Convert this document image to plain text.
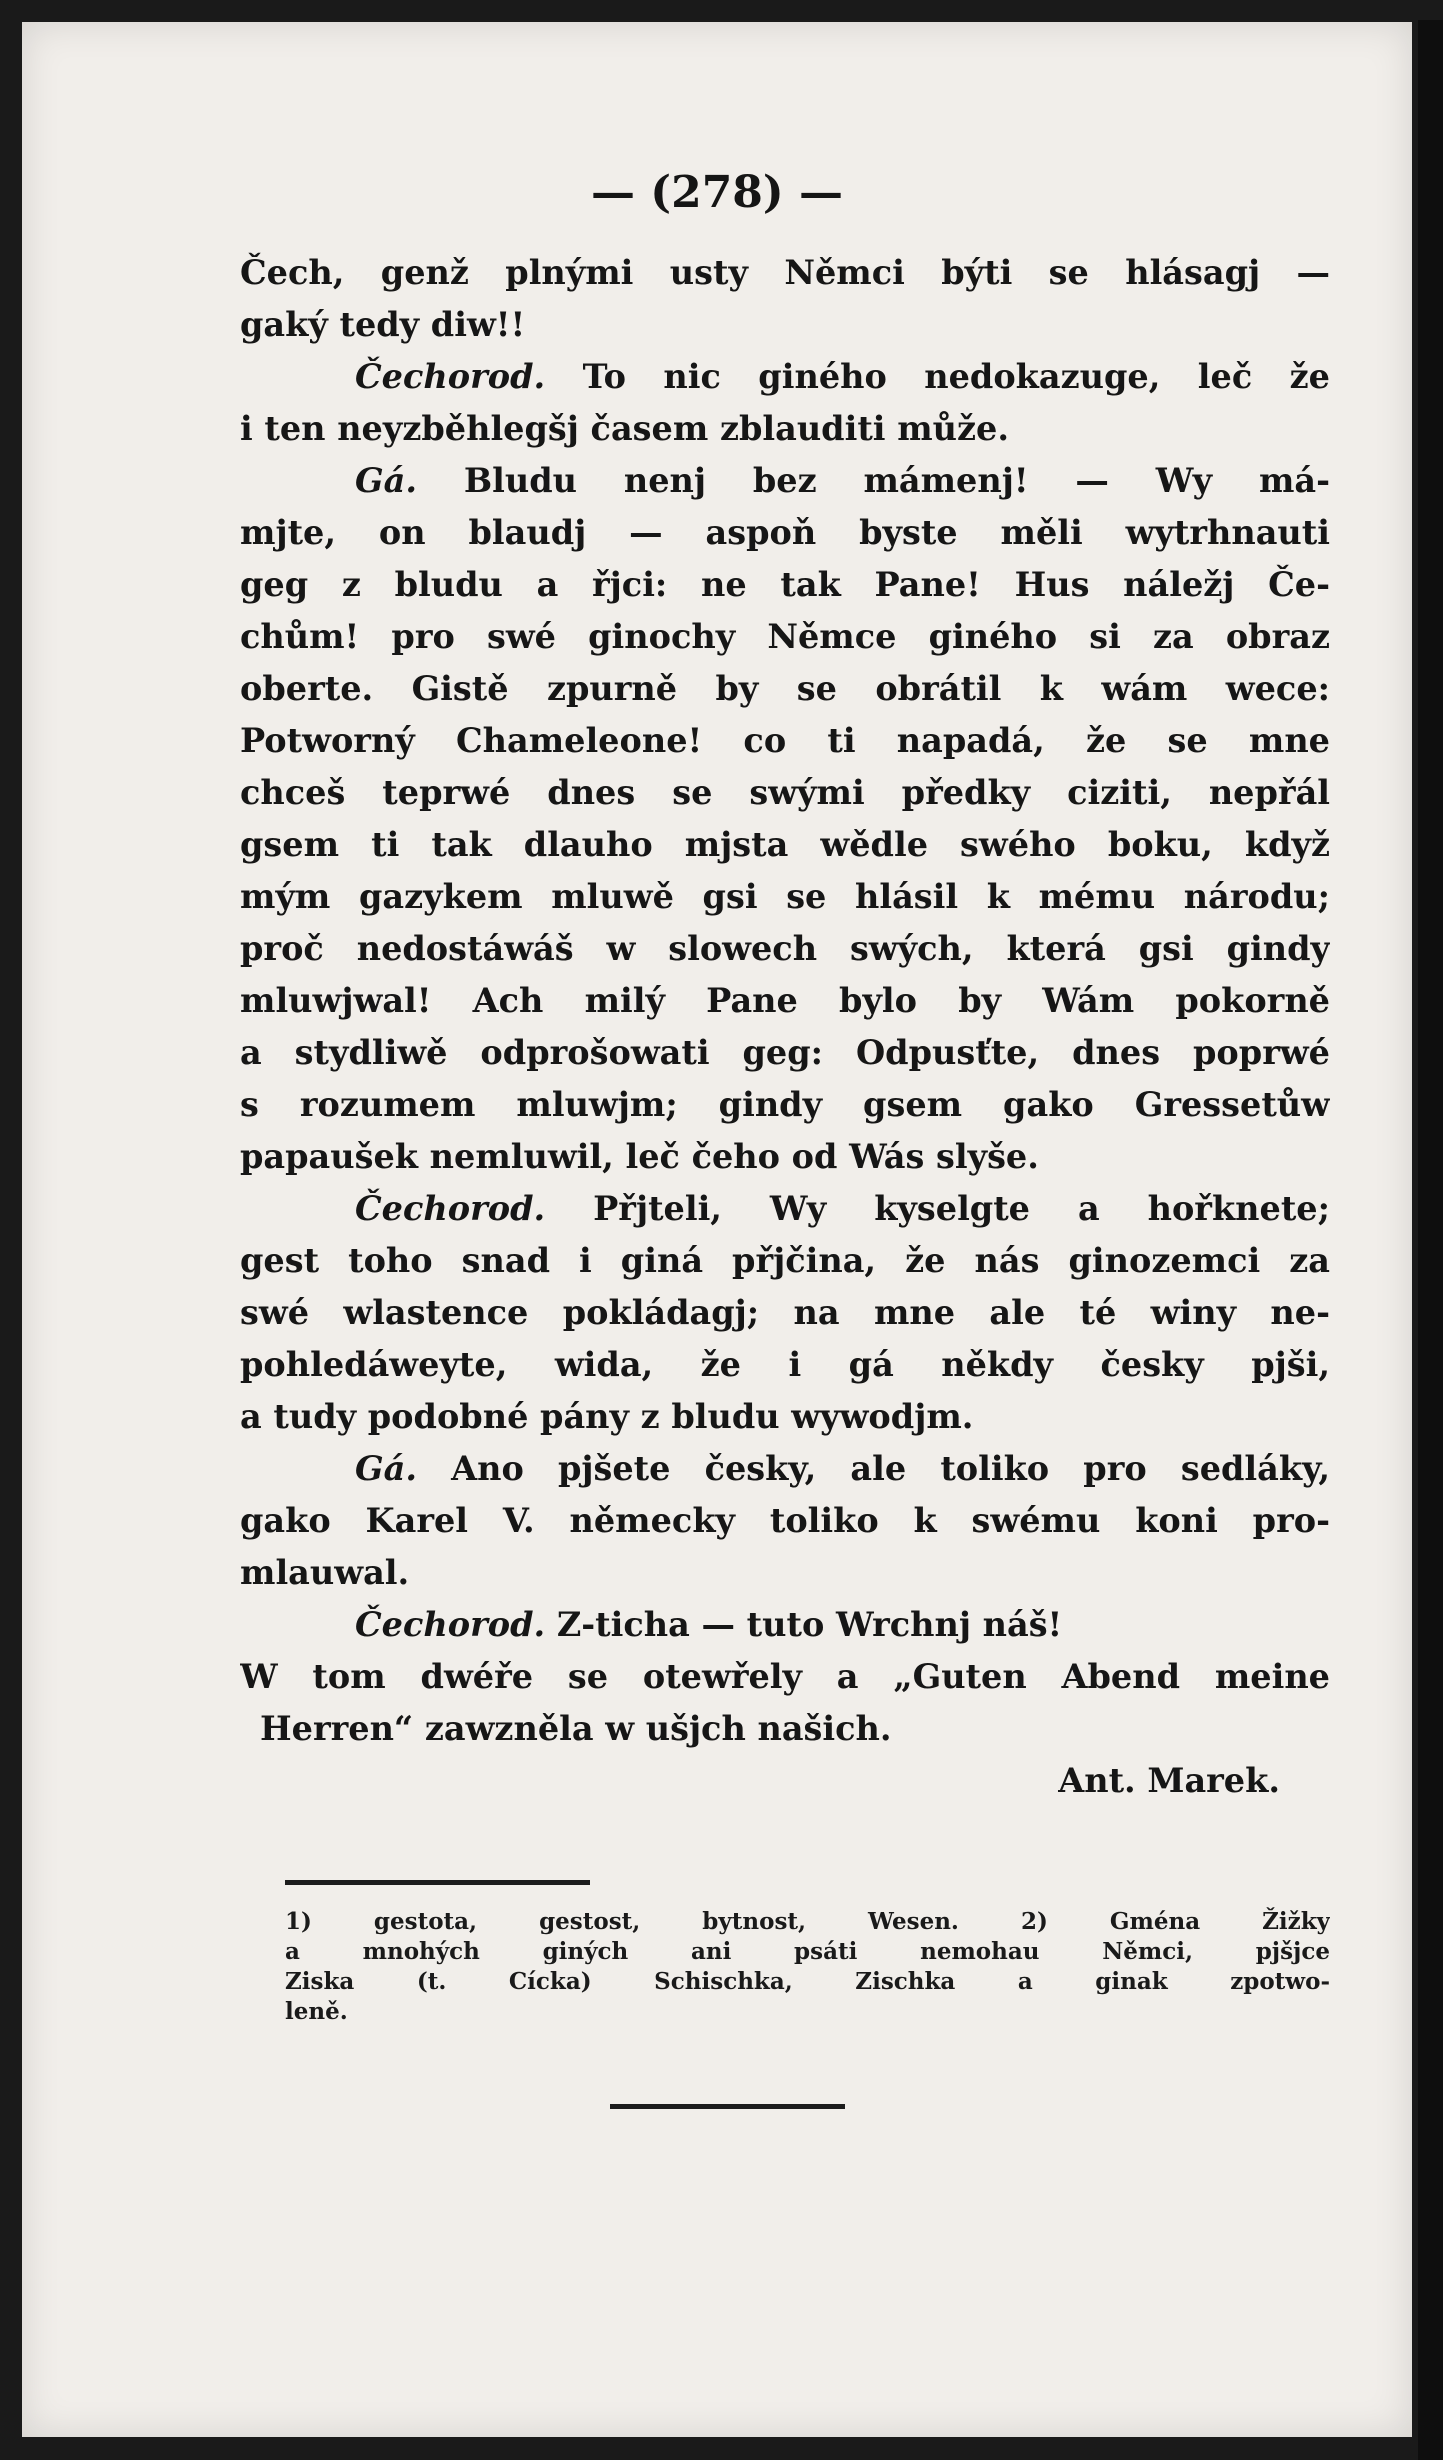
— (278) —
Čech, genž plnými usty Němci býti se hlásagj —
gaký tedy diw!!
Čechorod. To nic giného nedokazuge, leč že
i ten neyzběhlegšj časem zblauditi může.
Gá. Bludu nenj bez mámenj! — Wy má-
mjte, on blaudj — aspoň byste měli wytrhnauti
geg z bludu a řjci: ne tak Pane! Hus náležj Če-
chům! pro swé ginochy Němce giného si za obraz
oberte. Gistě zpurně by se obrátil k wám wece:
Potworný Chameleone! co ti napadá, že se mne
chceš teprwé dnes se swými předky ciziti, nepřál
gsem ti tak dlauho mjsta wědle swého boku, když
mým gazykem mluwě gsi se hlásil k mému národu;
proč nedostáwáš w slowech swých, která gsi gindy
mluwjwal! Ach milý Pane bylo by Wám pokorně
a stydliwě odprošowati geg: Odpusťte, dnes poprwé
s rozumem mluwjm; gindy gsem gako Gressetůw
papaušek nemluwil, leč čeho od Wás slyše.
Čechorod. Přjteli, Wy kyselgte a hořknete;
gest toho snad i giná přjčina, že nás ginozemci za
swé wlastence pokládagj; na mne ale té winy ne-
pohledáweyte, wida, že i gá někdy česky pjši,
a tudy podobné pány z bludu wywodjm.
Gá. Ano pjšete česky, ale toliko pro sedláky,
gako Karel V. německy toliko k swému koni pro-
mlauwal.
Čechorod. Z-ticha — tuto Wrchnj náš!
W tom dwéře se otewřely a „Guten Abend meine
Herren“ zawzněla w ušjch našich.
Ant. Marek.
1) gestota, gestost, bytnost, Wesen. 2) Gména Žižky
a mnohých giných ani psáti nemohau Němci, pjšjce
Ziska (t. Cícka) Schischka, Zischka a ginak zpotwo-
leně.
